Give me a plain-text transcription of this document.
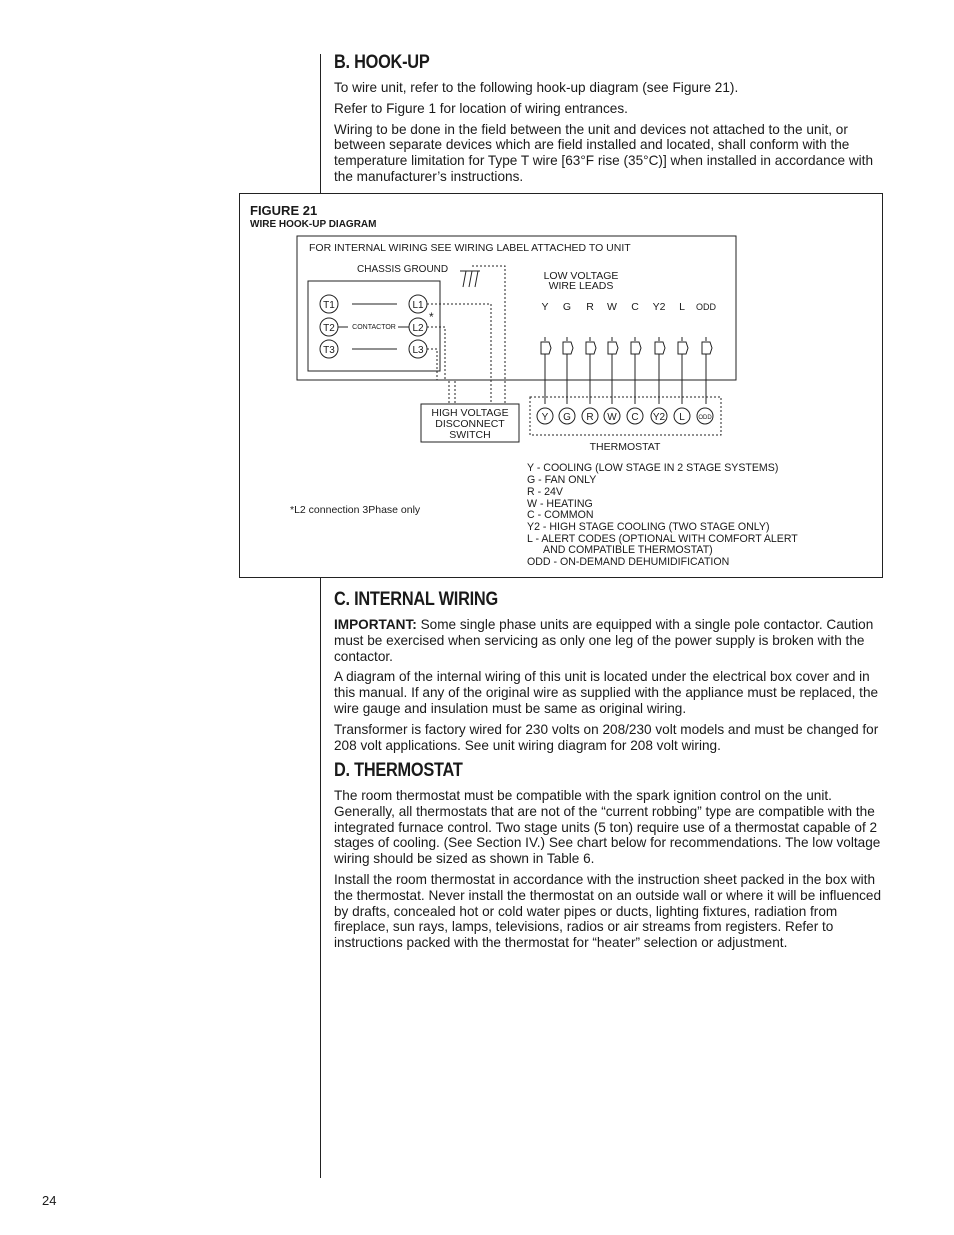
B. HOOK-UP

To wire unit, refer to the following hook-up diagram (see Figure 21).

Refer to Figure 1 for location of wiring entrances.

Wiring to be done in the field between the unit and devices not attached to the unit, or between separate devices which are field installed and located, shall conform with the temperature limitation for Type T wire [63°F rise (35°C)] when installed in accordance with the manufacturer’s instructions.

FIGURE 21
WIRE HOOK-UP DIAGRAM
FOR INTERNAL WIRING SEE WIRING LABEL ATTACHED TO UNIT
CHASSIS GROUND
T1
T2
T3
L1
L2
L3
CONTACTOR
*
HIGH VOLTAGE
DISCONNECT
SWITCH
LOW VOLTAGE
WIRE LEADS
Y G R W C Y2 L ODD
Y G R W C Y2 L ODD
THERMOSTAT
*L2 connection 3Phase only
Y - COOLING (LOW STAGE IN 2 STAGE SYSTEMS)
G - FAN ONLY
R - 24V
W - HEATING
C - COMMON
Y2 - HIGH STAGE COOLING (TWO STAGE ONLY)
L - ALERT CODES (OPTIONAL WITH COMFORT ALERT
AND COMPATIBLE THERMOSTAT)
ODD - ON-DEMAND DEHUMIDIFICATION
C. INTERNAL WIRING

IMPORTANT: Some single phase units are equipped with a single pole contactor. Caution must be exercised when servicing as only one leg of the power supply is broken with the contactor.

A diagram of the internal wiring of this unit is located under the electrical box cover and in this manual. If any of the original wire as supplied with the appliance must be replaced, the wire gauge and insulation must be same as original wiring.

Transformer is factory wired for 230 volts on 208/230 volt models and must be changed for 208 volt applications. See unit wiring diagram for 208 volt wiring.

D. THERMOSTAT

The room thermostat must be compatible with the spark ignition control on the unit. Generally, all thermostats that are not of the “current robbing” type are compatible with the integrated furnace control. Two stage units (5 ton) require use of a thermostat capable of 2 stages of cooling. (See Section IV.) See chart below for recommendations. The low voltage wiring should be sized as shown in Table 6.

Install the room thermostat in accordance with the instruction sheet packed in the box with the thermostat. Never install the thermostat on an outside wall or where it will be influenced by drafts, concealed hot or cold water pipes or ducts, lighting fixtures, radiation from fireplace, sun rays, lamps, televisions, radios or air streams from registers. Refer to instructions packed with the thermostat for “heater” selection or adjustment.

24
